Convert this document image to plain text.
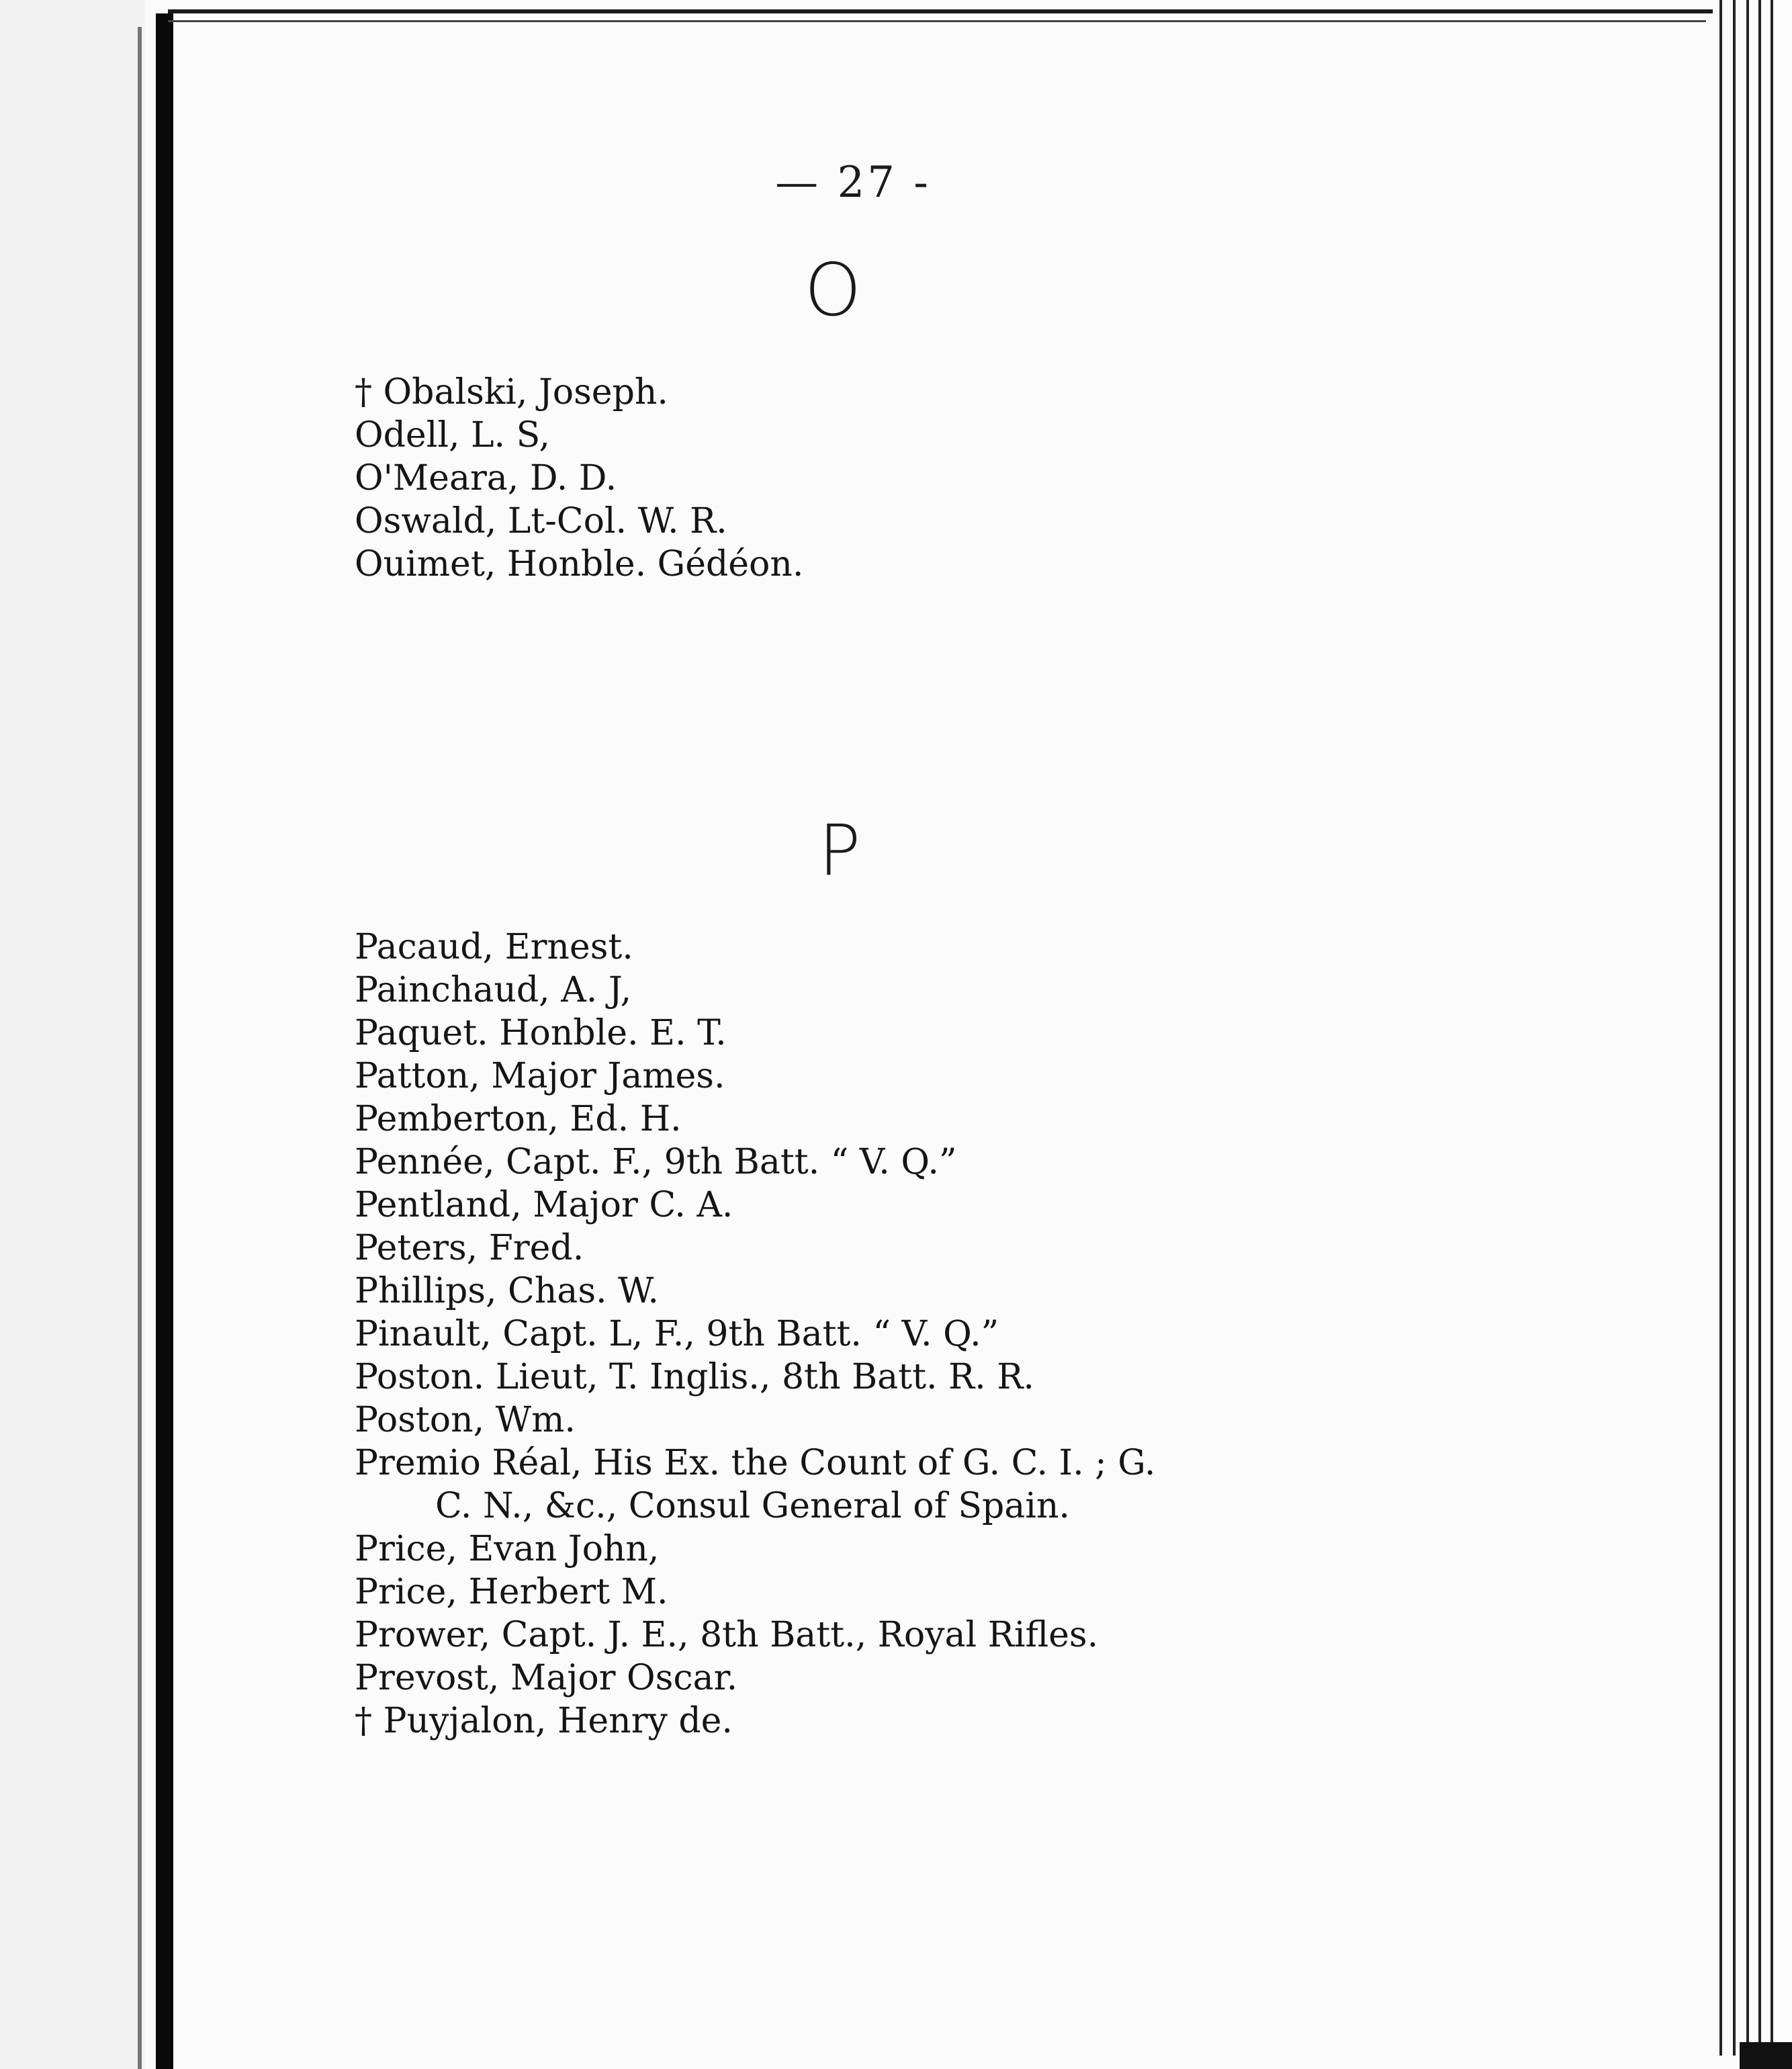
— 27 -
O
† Obalski, Joseph.
Odell, L. S,
O'Meara, D. D.
Oswald, Lt-Col. W. R.
Ouimet, Honble. Gédéon.
P
Pacaud, Ernest.
Painchaud, A. J,
Paquet. Honble. E. T.
Patton, Major James.
Pemberton, Ed. H.
Pennée, Capt. F., 9th Batt. “ V. Q.”
Pentland, Major C. A.
Peters, Fred.
Phillips, Chas. W.
Pinault, Capt. L, F., 9th Batt. “ V. Q.”
Poston. Lieut, T. Inglis., 8th Batt. R. R.
Poston, Wm.
Premio Réal, His Ex. the Count of G. C. I. ; G.
C. N., &c., Consul General of Spain.
Price, Evan John,
Price, Herbert M.
Prower, Capt. J. E., 8th Batt., Royal Rifles.
Prevost, Major Oscar.
† Puyjalon, Henry de.
